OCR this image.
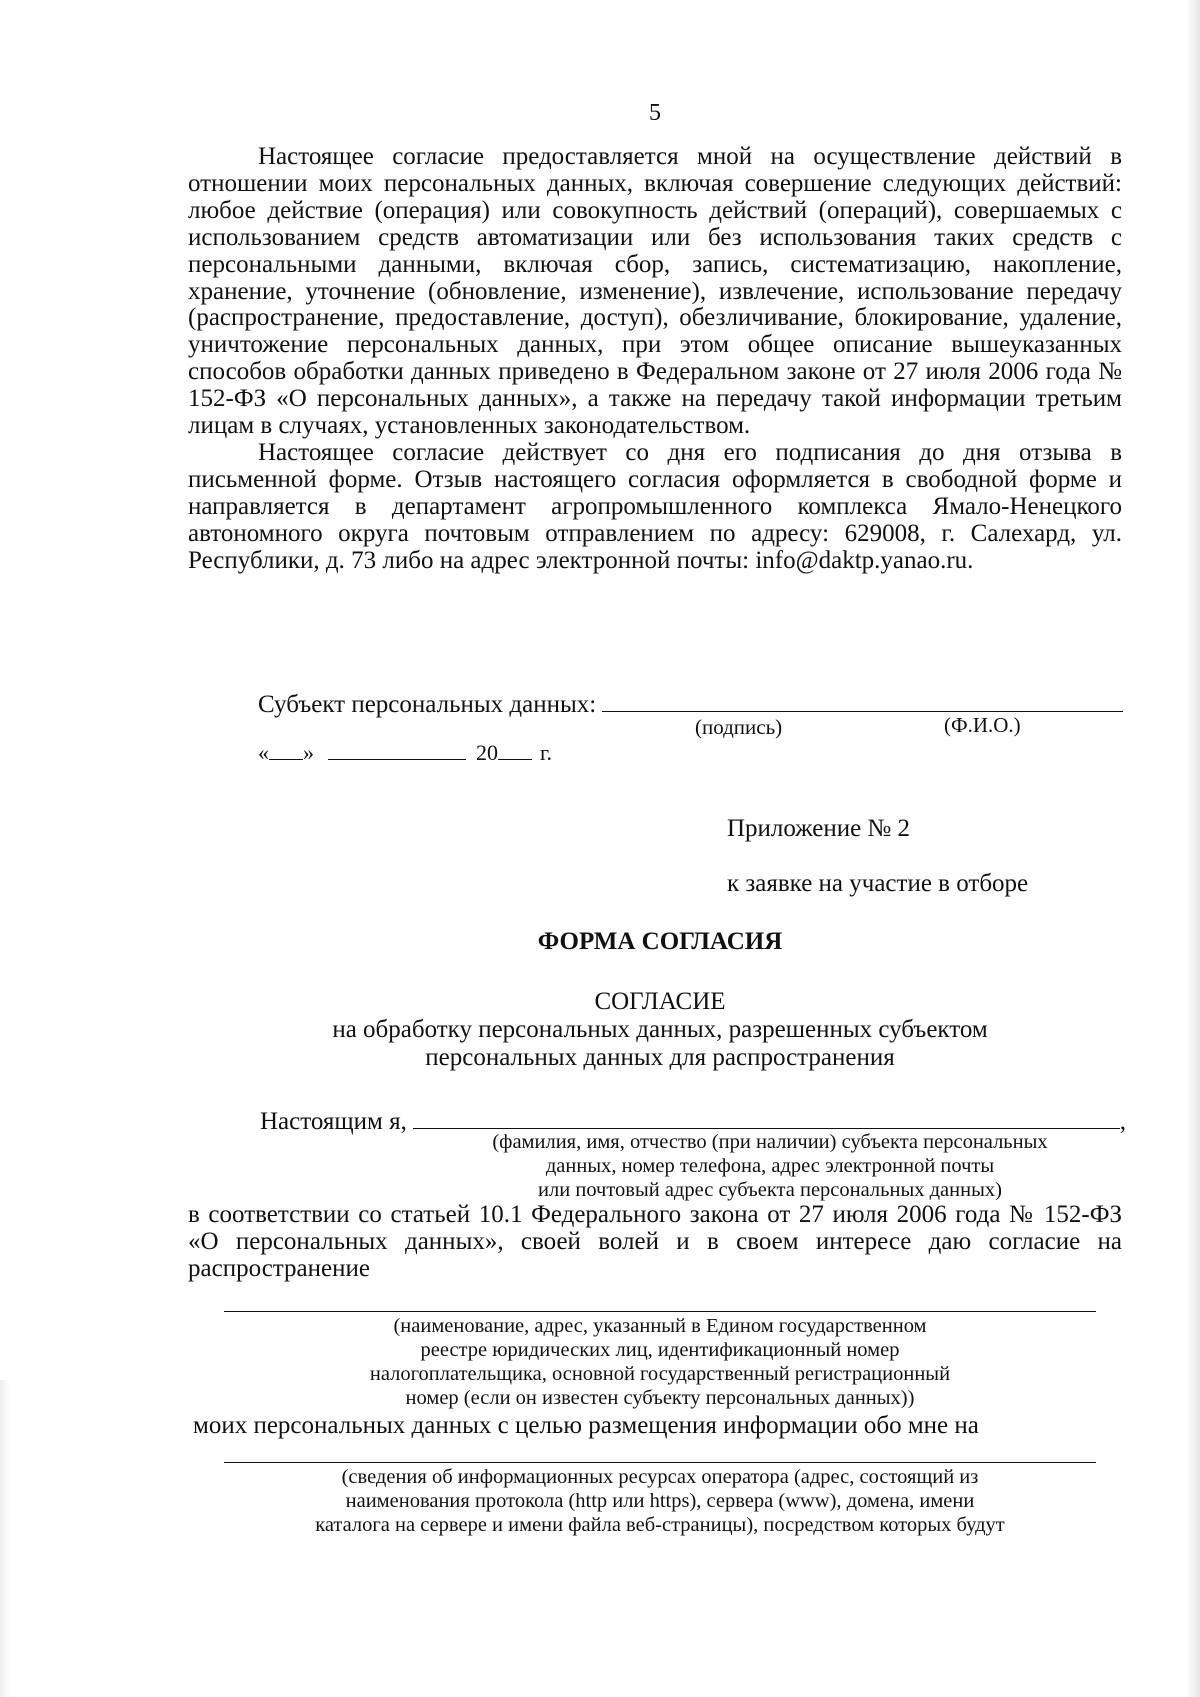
5

Настоящее согласие предоставляется мной на осуществление действий в отношении моих персональных данных, включая совершение следующих действий: любое действие (операция) или совокупность действий (операций), совершаемых с использованием средств автоматизации или без использования таких средств с персональными данными, включая сбор, запись, систематизацию, накопление, хранение, уточнение (обновление, изменение), извлечение, использование передачу (распространение, предоставление, доступ), обезличивание, блокирование, удаление, уничтожение персональных данных, при этом общее описание вышеуказанных способов обработки данных приведено в Федеральном законе от 27 июля 2006 года № 152-ФЗ «О персональных данных», а также на передачу такой информации третьим лицам в случаях, установленных законодательством.

Настоящее согласие действует со дня его подписания до дня отзыва в письменной форме. Отзыв настоящего согласия оформляется в свободной форме и направляется в департамент агропромышленного комплекса Ямало-Ненецкого автономного округа почтовым отправлением по адресу: 629008, г. Салехард, ул. Республики, д. 73 либо на адрес электронной почты: info@daktp.yanao.ru.

Субъект персональных данных:
(подпись)	(Ф.И.О.)
« »	20 г.
Приложение № 2
к заявке на участие в отборе
ФОРМА СОГЛАСИЯ
СОГЛАСИЕ
на обработку персональных данных, разрешенных субъектом
персональных данных для распространения
Настоящим я,	,
(фамилия, имя, отчество (при наличии) субъекта персональных
данных, номер телефона, адрес электронной почты
или почтовый адрес субъекта персональных данных)

в соответствии со статьей 10.1 Федерального закона от 27 июля 2006 года № 152-ФЗ «О персональных данных», своей волей и в своем интересе даю согласие на распространение

(наименование, адрес, указанный в Едином государственном
реестре юридических лиц, идентификационный номер
налогоплательщика, основной государственный регистрационный
номер (если он известен субъекту персональных данных))
моих персональных данных с целью размещения информации обо мне на
(сведения об информационных ресурсах оператора (адрес, состоящий из
наименования протокола (http или https), сервера (www), домена, имени
каталога на сервере и имени файла веб-страницы), посредством которых будут
